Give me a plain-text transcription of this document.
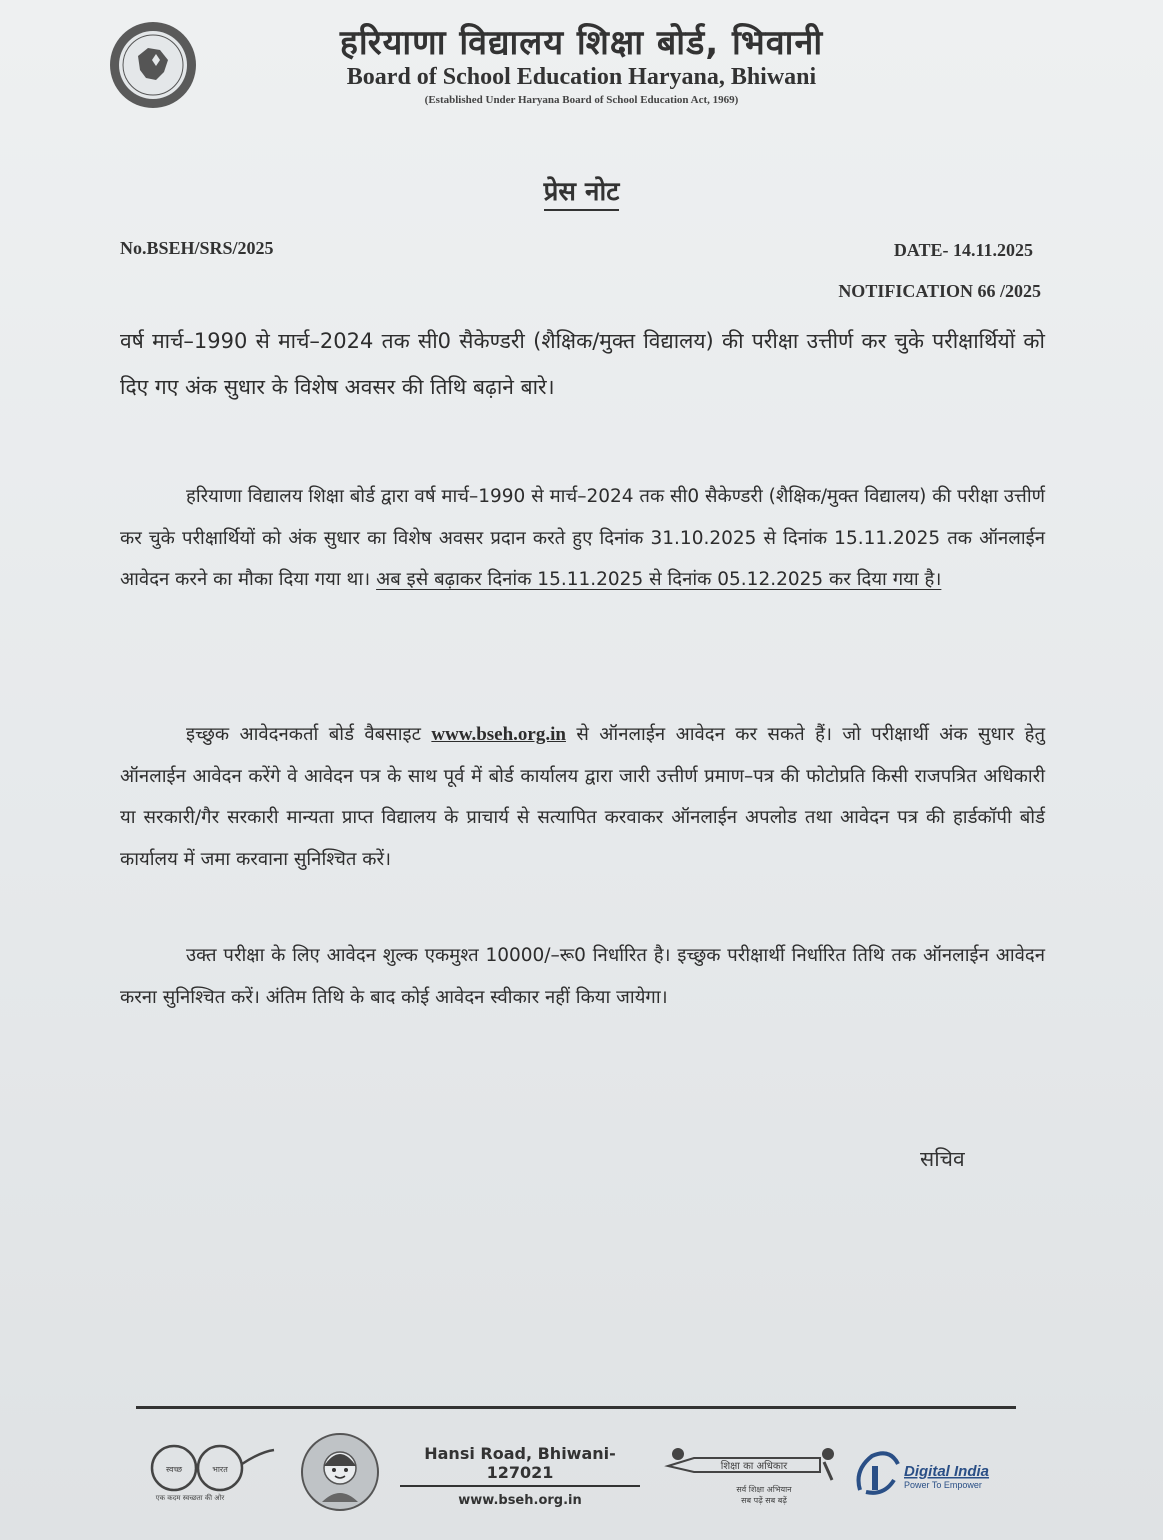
हरियाणा विद्यालय शिक्षा बोर्ड, भिवानी
Board of School Education Haryana, Bhiwani
(Established Under Haryana Board of School Education Act, 1969)
प्रेस नोट
No.BSEH/SRS/2025	DATE- 14.11.2025
NOTIFICATION 66 /2025
वर्ष मार्च–1990 से मार्च–2024 तक सी0 सैकेण्डरी (शैक्षिक/मुक्त विद्यालय) की परीक्षा उत्तीर्ण कर चुके परीक्षार्थियों को दिए गए अंक सुधार के विशेष अवसर की तिथि बढ़ाने बारे।
हरियाणा विद्यालय शिक्षा बोर्ड द्वारा वर्ष मार्च–1990 से मार्च–2024 तक सी0 सैकेण्डरी (शैक्षिक/मुक्त विद्यालय) की परीक्षा उत्तीर्ण कर चुके परीक्षार्थियों को अंक सुधार का विशेष अवसर प्रदान करते हुए दिनांक 31.10.2025 से दिनांक 15.11.2025 तक ऑनलाईन आवेदन करने का मौका दिया गया था। अब इसे बढ़ाकर दिनांक 15.11.2025 से दिनांक 05.12.2025 कर दिया गया है।
इच्छुक आवेदनकर्ता बोर्ड वैबसाइट www.bseh.org.in से ऑनलाईन आवेदन कर सकते हैं। जो परीक्षार्थी अंक सुधार हेतु ऑनलाईन आवेदन करेंगे वे आवेदन पत्र के साथ पूर्व में बोर्ड कार्यालय द्वारा जारी उत्तीर्ण प्रमाण–पत्र की फोटोप्रति किसी राजपत्रित अधिकारी या सरकारी/गैर सरकारी मान्यता प्राप्त विद्यालय के प्राचार्य से सत्यापित करवाकर ऑनलाईन अपलोड तथा आवेदन पत्र की हार्डकॉपी बोर्ड कार्यालय में जमा करवाना सुनिश्चित करें।
उक्त परीक्षा के लिए आवेदन शुल्क एकमुश्त 10000/–रू0 निर्धारित है। इच्छुक परीक्षार्थी निर्धारित तिथि तक ऑनलाईन आवेदन करना सुनिश्चित करें। अंतिम तिथि के बाद कोई आवेदन स्वीकार नहीं किया जायेगा।
सचिव
स्वच्छ	भारत
एक कदम स्वच्छता की ओर
Hansi Road, Bhiwani-127021
www.bseh.org.in
शिक्षा का अधिकार
सर्व शिक्षा अभियान
सब पढ़ें सब बढ़ें
Digital India
Power To Empower
